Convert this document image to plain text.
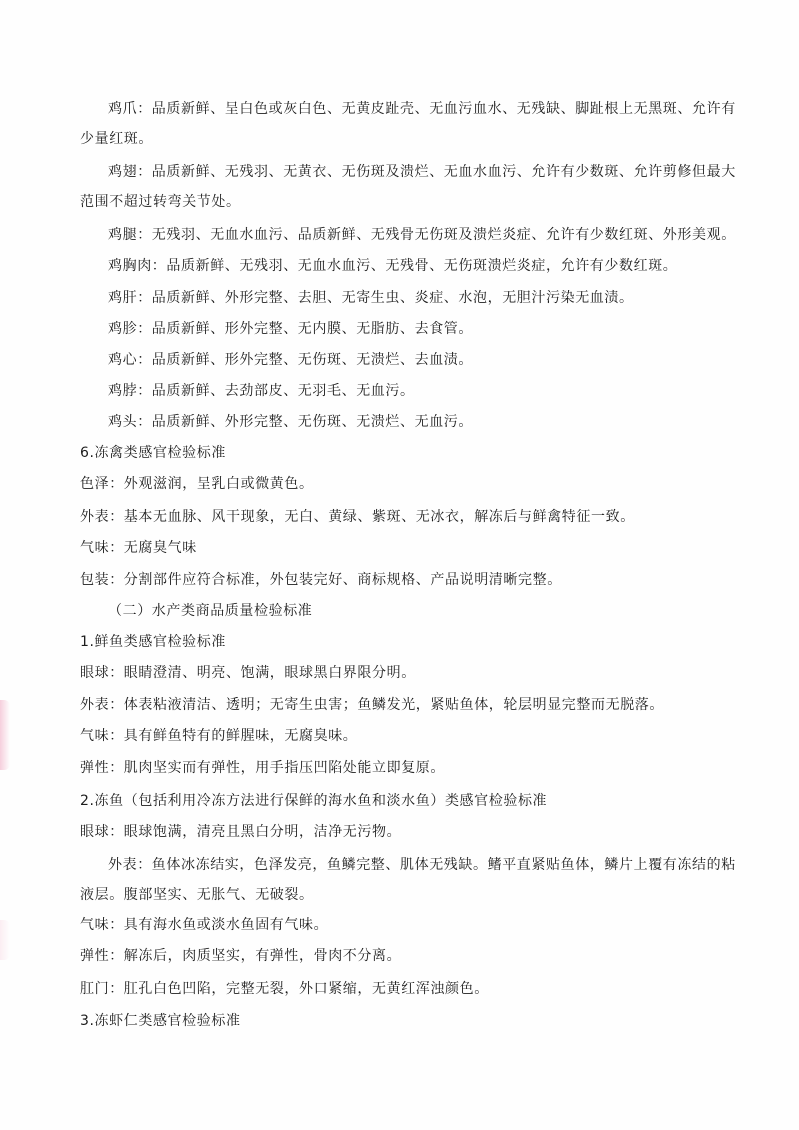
鸡爪：品质新鲜、呈白色或灰白色、无黄皮趾壳、无血污血水、无残缺、脚趾根上无黑斑、允许有少量红斑。
鸡翅：品质新鲜、无残羽、无黄衣、无伤斑及溃烂、无血水血污、允许有少数斑、允许剪修但最大范围不超过转弯关节处。
鸡腿：无残羽、无血水血污、品质新鲜、无残骨无伤斑及溃烂炎症、允许有少数红斑、外形美观。
鸡胸肉：品质新鲜、无残羽、无血水血污、无残骨、无伤斑溃烂炎症，允许有少数红斑。
鸡肝：品质新鲜、外形完整、去胆、无寄生虫、炎症、水泡，无胆汁污染无血渍。
鸡胗：品质新鲜、形外完整、无内膜、无脂肪、去食管。
鸡心：品质新鲜、形外完整、无伤斑、无溃烂、去血渍。
鸡脖：品质新鲜、去劲部皮、无羽毛、无血污。
鸡头：品质新鲜、外形完整、无伤斑、无溃烂、无血污。
6.冻禽类感官检验标准
色泽：外观滋润，呈乳白或微黄色。
外表：基本无血脉、风干现象，无白、黄绿、紫斑、无冰衣，解冻后与鲜禽特征一致。
气味：无腐臭气味
包装：分割部件应符合标准，外包装完好、商标规格、产品说明清晰完整。
（二）水产类商品质量检验标准
1.鲜鱼类感官检验标准
眼球：眼睛澄清、明亮、饱满，眼球黑白界限分明。
外表：体表粘液清洁、透明；无寄生虫害；鱼鳞发光，紧贴鱼体，轮层明显完整而无脱落。
气味：具有鲜鱼特有的鲜腥味，无腐臭味。
弹性：肌肉坚实而有弹性，用手指压凹陷处能立即复原。
2.冻鱼（包括利用冷冻方法进行保鲜的海水鱼和淡水鱼）类感官检验标准
眼球：眼球饱满，清亮且黑白分明，洁净无污物。
外表：鱼体冰冻结实，色泽发亮，鱼鳞完整、肌体无残缺。鳍平直紧贴鱼体，鳞片上覆有冻结的粘液层。腹部坚实、无胀气、无破裂。
气味：具有海水鱼或淡水鱼固有气味。
弹性：解冻后，肉质坚实，有弹性，骨肉不分离。
肛门：肛孔白色凹陷，完整无裂，外口紧缩，无黄红浑浊颜色。
3.冻虾仁类感官检验标准
